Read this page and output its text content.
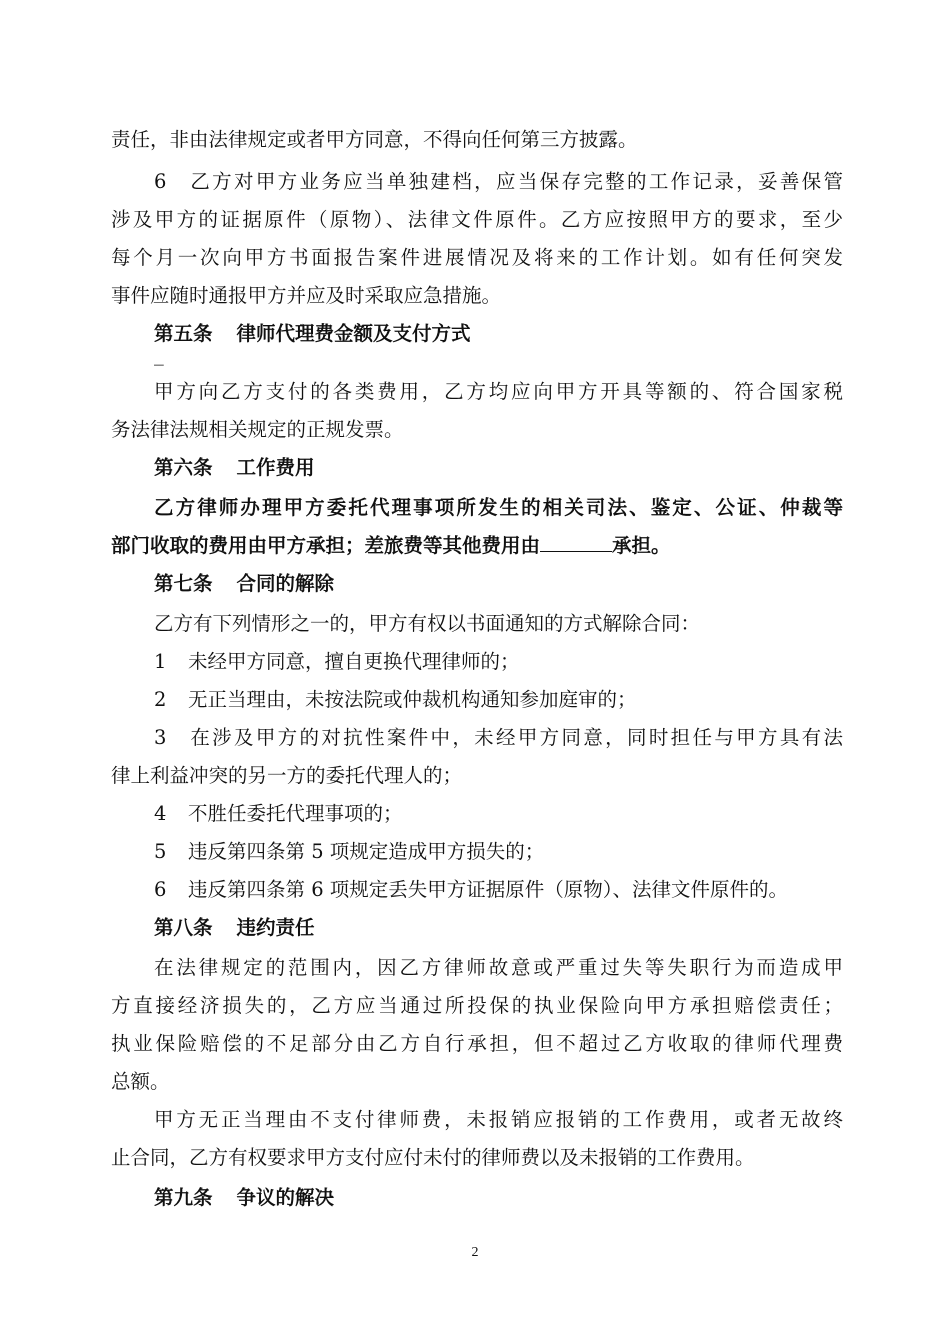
责任，非由法律规定或者甲方同意，不得向任何第三方披露。

6 乙方对甲方业务应当单独建档，应当保存完整的工作记录，妥善保管

涉及甲方的证据原件（原物）、法律文件原件。乙方应按照甲方的要求，至少

每个月一次向甲方书面报告案件进展情况及将来的工作计划。如有任何突发

事件应随时通报甲方并应及时采取应急措施。

第五条 律师代理费金额及支付方式

_

甲方向乙方支付的各类费用，乙方均应向甲方开具等额的、符合国家税

务法律法规相关规定的正规发票。

第六条 工作费用

乙方律师办理甲方委托代理事项所发生的相关司法、鉴定、公证、仲裁等

部门收取的费用由甲方承担；差旅费等其他费用由	承担。

第七条 合同的解除

乙方有下列情形之一的，甲方有权以书面通知的方式解除合同：

1 未经甲方同意，擅自更换代理律师的；

2 无正当理由，未按法院或仲裁机构通知参加庭审的；

3 在涉及甲方的对抗性案件中，未经甲方同意，同时担任与甲方具有法

律上利益冲突的另一方的委托代理人的；

4 不胜任委托代理事项的；

5 违反第四条第 5 项规定造成甲方损失的；

6 违反第四条第 6 项规定丢失甲方证据原件（原物）、法律文件原件的。

第八条 违约责任

在法律规定的范围内，因乙方律师故意或严重过失等失职行为而造成甲

方直接经济损失的，乙方应当通过所投保的执业保险向甲方承担赔偿责任；

执业保险赔偿的不足部分由乙方自行承担，但不超过乙方收取的律师代理费

总额。

甲方无正当理由不支付律师费，未报销应报销的工作费用，或者无故终

止合同，乙方有权要求甲方支付应付未付的律师费以及未报销的工作费用。

第九条 争议的解决

2
